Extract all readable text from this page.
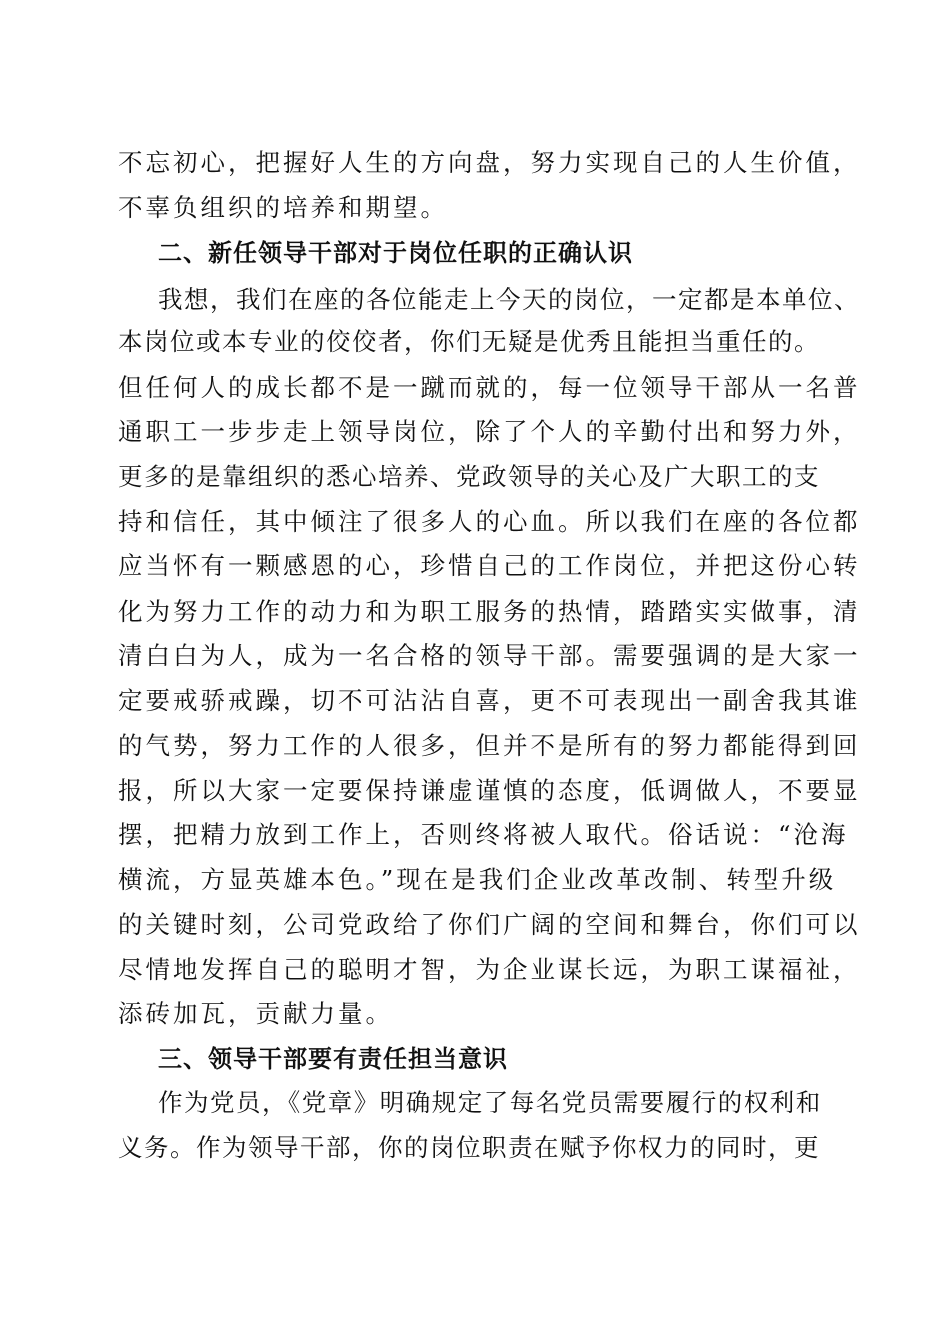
不忘初心，把握好人生的方向盘，努力实现自己的人生价值，
不辜负组织的培养和期望。
二、新任领导干部对于岗位任职的正确认识
我想，我们在座的各位能走上今天的岗位，一定都是本单位、
本岗位或本专业的佼佼者，你们无疑是优秀且能担当重任的。
但任何人的成长都不是一蹴而就的，每一位领导干部从一名普
通职工一步步走上领导岗位，除了个人的辛勤付出和努力外，
更多的是靠组织的悉心培养、党政领导的关心及广大职工的支
持和信任，其中倾注了很多人的心血。所以我们在座的各位都
应当怀有一颗感恩的心，珍惜自己的工作岗位，并把这份心转
化为努力工作的动力和为职工服务的热情，踏踏实实做事，清
清白白为人，成为一名合格的领导干部。需要强调的是大家一
定要戒骄戒躁，切不可沾沾自喜，更不可表现出一副舍我其谁
的气势，努力工作的人很多，但并不是所有的努力都能得到回
报，所以大家一定要保持谦虚谨慎的态度，低调做人，不要显
摆，把精力放到工作上，否则终将被人取代。俗话说：“沧海
横流，方显英雄本色。”现在是我们企业改革改制、转型升级
的关键时刻，公司党政给了你们广阔的空间和舞台，你们可以
尽情地发挥自己的聪明才智，为企业谋长远，为职工谋福祉，
添砖加瓦，贡献力量。
三、领导干部要有责任担当意识
作为党员，《党章》明确规定了每名党员需要履行的权利和
义务。作为领导干部，你的岗位职责在赋予你权力的同时，更
